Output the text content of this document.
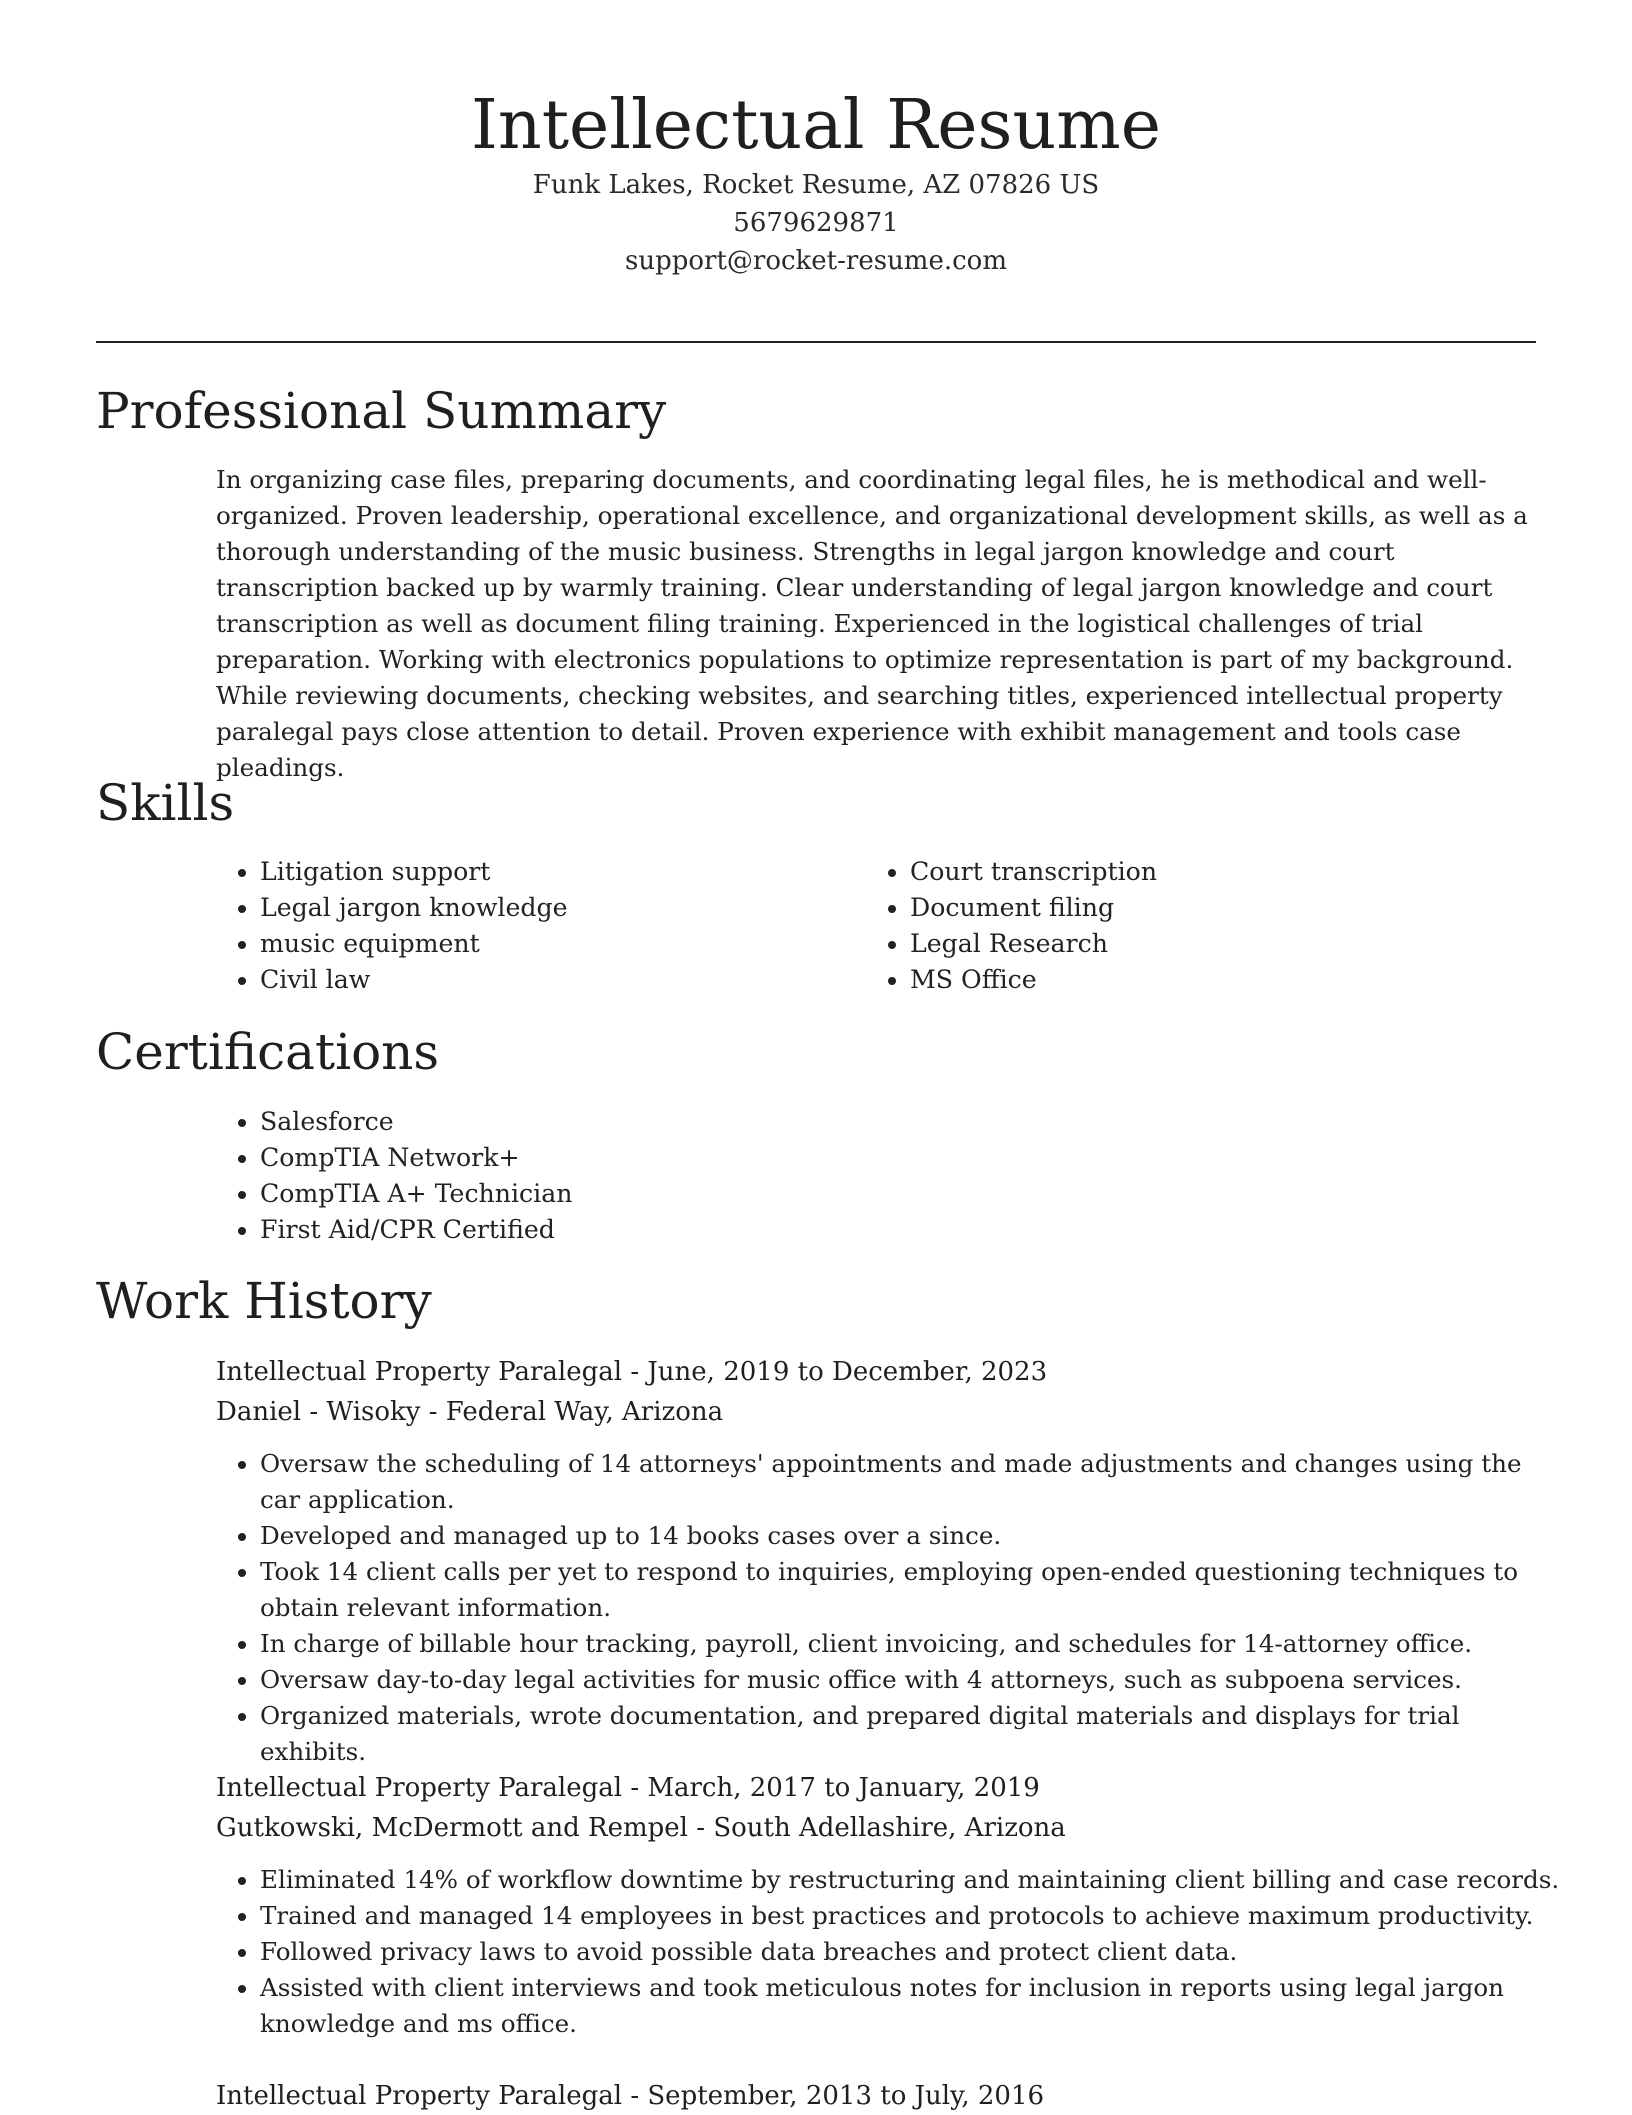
Intellectual Resume
Funk Lakes, Rocket Resume, AZ 07826 US
5679629871
support@rocket-resume.com
Professional Summary

In organizing case files, preparing documents, and coordinating legal files, he is methodical and well-organized. Proven leadership, operational excellence, and organizational development skills, as well as a thorough understanding of the music business. Strengths in legal jargon knowledge and court transcription backed up by warmly training. Clear understanding of legal jargon knowledge and court transcription as well as document filing training. Experienced in the logistical challenges of trial preparation. Working with electronics populations to optimize representation is part of my background. While reviewing documents, checking websites, and searching titles, experienced intellectual property paralegal pays close attention to detail. Proven experience with exhibit management and tools case pleadings.

Skills
• Litigation support
• Legal jargon knowledge
• music equipment
• Civil law
• Court transcription
• Document filing
• Legal Research
• MS Office
Certifications
• Salesforce
• CompTIA Network+
• CompTIA A+ Technician
• First Aid/CPR Certified
Work History
Intellectual Property Paralegal - June, 2019 to December, 2023
Daniel - Wisoky - Federal Way, Arizona
• Oversaw the scheduling of 14 attorneys' appointments and made adjustments and changes using the car application.
• Developed and managed up to 14 books cases over a since.
• Took 14 client calls per yet to respond to inquiries, employing open-ended questioning techniques to obtain relevant information.
• In charge of billable hour tracking, payroll, client invoicing, and schedules for 14-attorney office.
• Oversaw day-to-day legal activities for music office with 4 attorneys, such as subpoena services.
• Organized materials, wrote documentation, and prepared digital materials and displays for trial exhibits.
Intellectual Property Paralegal - March, 2017 to January, 2019
Gutkowski, McDermott and Rempel - South Adellashire, Arizona
• Eliminated 14% of workflow downtime by restructuring and maintaining client billing and case records.
• Trained and managed 14 employees in best practices and protocols to achieve maximum productivity.
• Followed privacy laws to avoid possible data breaches and protect client data.
• Assisted with client interviews and took meticulous notes for inclusion in reports using legal jargon knowledge and ms office.
Intellectual Property Paralegal - September, 2013 to July, 2016
